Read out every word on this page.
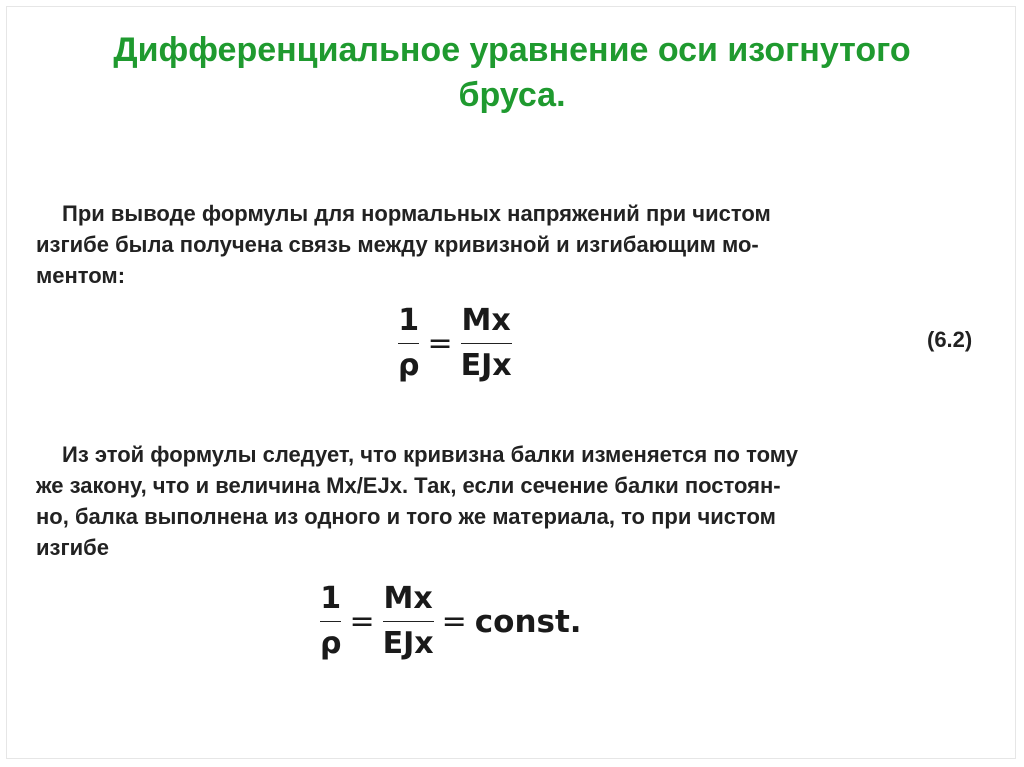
Дифференциальное уравнение оси изогнутого
бруса.
При выводе формулы для нормальных напряжений при чистом
изгибе была получена связь между кривизной и изгибающим мо-
ментом:
$\frac{1}{\rho} = \frac{Mx}{\text{EJx}}$	(6.2)
Из этой формулы следует, что кривизна балки изменяется по тому
же закону, что и величина Mx/EJx. Так, если сечение балки постоян-
но, балка выполнена из одного и того же материала, то при чистом
изгибе
$\frac{1}{\rho} = \frac{Mx}{\text{EJx}}$ = const.
